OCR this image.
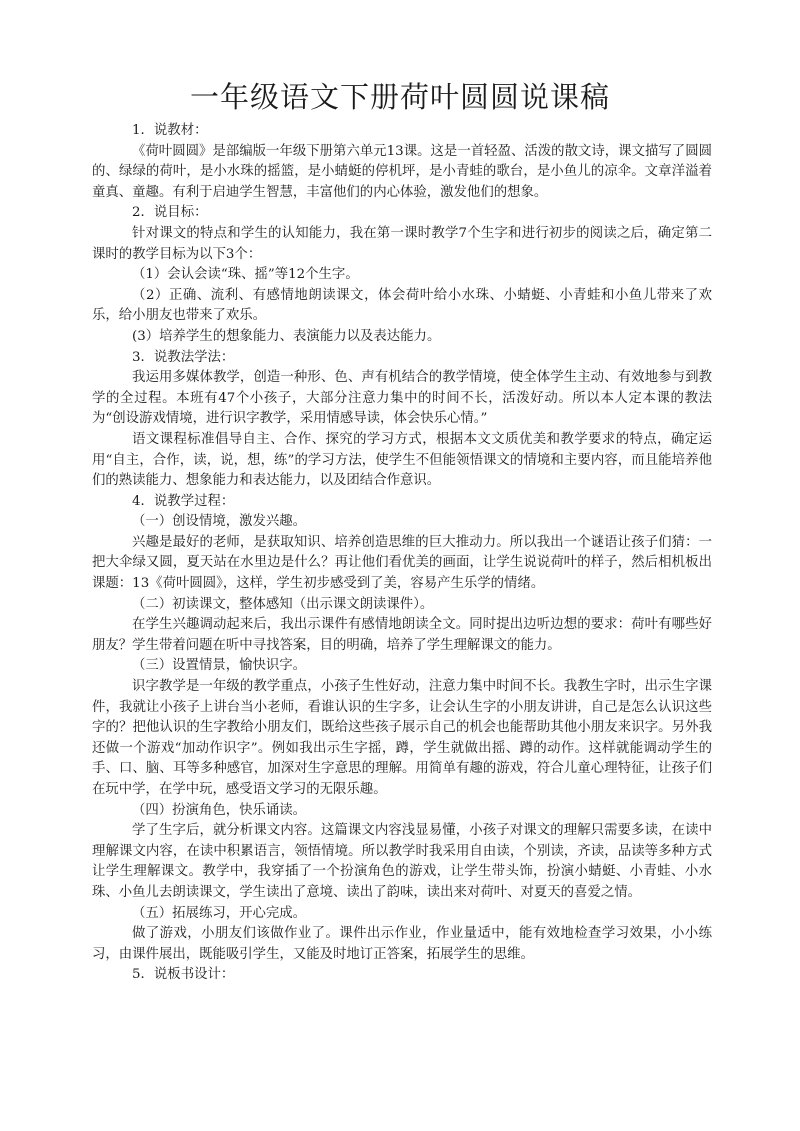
一年级语文下册荷叶圆圆说课稿

1．说教材：

《荷叶圆圆》是部编版一年级下册第六单元13课。这是一首轻盈、活泼的散文诗，课文描写了圆圆的、绿绿的荷叶，是小水珠的摇篮，是小蜻蜓的停机坪，是小青蛙的歌台，是小鱼儿的凉伞。文章洋溢着童真、童趣。有利于启迪学生智慧，丰富他们的内心体验，激发他们的想象。

2．说目标：

针对课文的特点和学生的认知能力，我在第一课时教学7个生字和进行初步的阅读之后，确定第二课时的教学目标为以下3个：

（1）会认会读“珠、摇”等12个生字。

（2）正确、流利、有感情地朗读课文，体会荷叶给小水珠、小蜻蜓、小青蛙和小鱼儿带来了欢乐，给小朋友也带来了欢乐。

(3）培养学生的想象能力、表演能力以及表达能力。

3．说教法学法：

我运用多媒体教学，创造一种形、色、声有机结合的教学情境，使全体学生主动、有效地参与到教学的全过程。本班有47个小孩子，大部分注意力集中的时间不长，活泼好动。所以本人定本课的教法为“创设游戏情境，进行识字教学，采用情感导读，体会快乐心情。”

语文课程标准倡导自主、合作、探究的学习方式，根据本文文质优美和教学要求的特点，确定运用“自主，合作，读，说，想，练”的学习方法，使学生不但能领悟课文的情境和主要内容，而且能培养他们的熟读能力、想象能力和表达能力，以及团结合作意识。

4．说教学过程：

（一）创设情境，激发兴趣。

兴趣是最好的老师，是获取知识、培养创造思维的巨大推动力。所以我出一个谜语让孩子们猜：一把大伞绿又圆，夏天站在水里边是什么？再让他们看优美的画面，让学生说说荷叶的样子，然后相机板出课题：13《荷叶圆圆》，这样，学生初步感受到了美，容易产生乐学的情绪。

（二）初读课文，整体感知（出示课文朗读课件）。

在学生兴趣调动起来后，我出示课件有感情地朗读全文。同时提出边听边想的要求：荷叶有哪些好朋友？学生带着问题在听中寻找答案，目的明确，培养了学生理解课文的能力。

（三）设置情景，愉快识字。

识字教学是一年级的教学重点，小孩子生性好动，注意力集中时间不长。我教生字时，出示生字课件，我就让小孩子上讲台当小老师，看谁认识的生字多，让会认生字的小朋友讲讲，自己是怎么认识这些字的？把他认识的生字教给小朋友们，既给这些孩子展示自己的机会也能帮助其他小朋友来识字。另外我还做一个游戏“加动作识字”。例如我出示生字摇，蹲，学生就做出摇、蹲的动作。这样就能调动学生的手、口、脑、耳等多种感官，加深对生字意思的理解。用简单有趣的游戏，符合儿童心理特征，让孩子们在玩中学，在学中玩，感受语文学习的无限乐趣。

（四）扮演角色，快乐诵读。

学了生字后，就分析课文内容。这篇课文内容浅显易懂，小孩子对课文的理解只需要多读，在读中理解课文内容，在读中积累语言，领悟情境。所以教学时我采用自由读，个别读，齐读，品读等多种方式让学生理解课文。教学中，我穿插了一个扮演角色的游戏，让学生带头饰，扮演小蜻蜓、小青蛙、小水珠、小鱼儿去朗读课文，学生读出了意境、读出了韵味，读出来对荷叶、对夏天的喜爱之情。

（五）拓展练习，开心完成。

做了游戏，小朋友们该做作业了。课件出示作业，作业量适中，能有效地检查学习效果，小小练习，由课件展出，既能吸引学生，又能及时地订正答案，拓展学生的思维。

5．说板书设计：
